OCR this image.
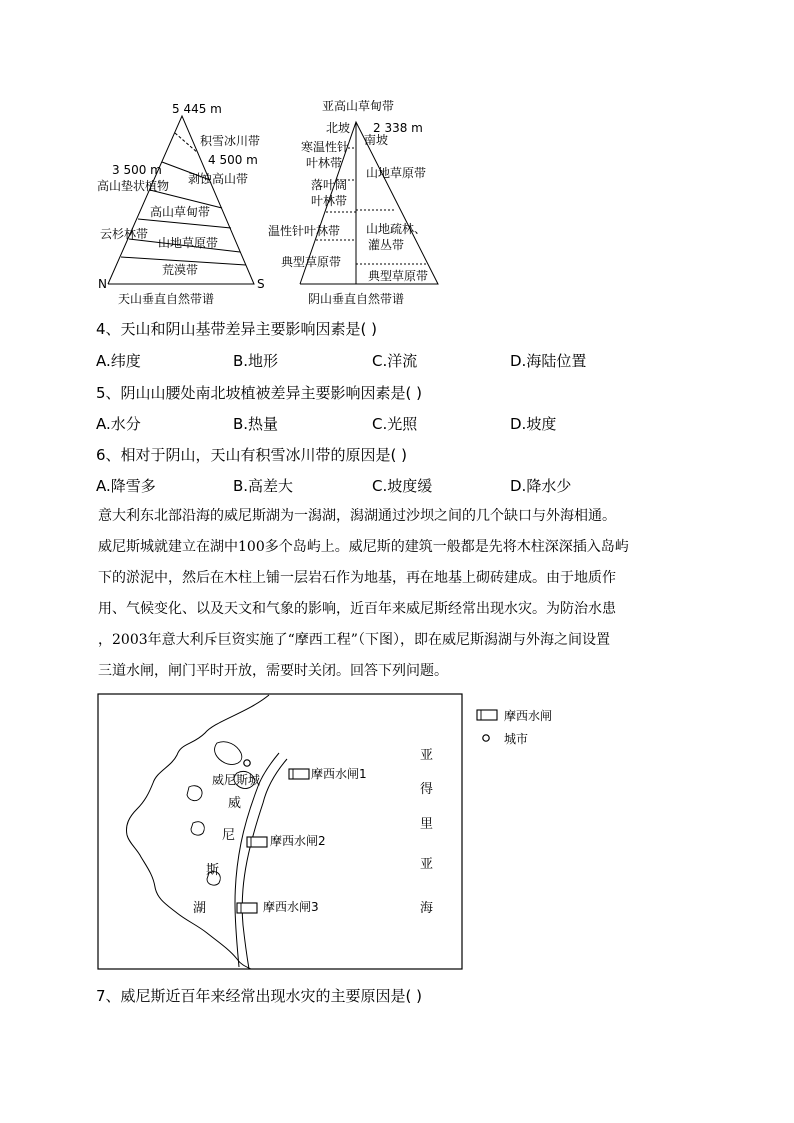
5 445 m
积雪冰川带
4 500 m
剥蚀高山带
3 500 m
高山垫状植物
高山草甸带
云杉林带
山地草原带
荒漠带
N	S
天山垂直自然带谱
亚高山草甸带
北坡 2 338 m
南坡
寒温性针
叶林带
山地草原带
落叶阔
叶林带
山地疏林、
灌丛带
温性针叶林带
典型草原带
典型草原带
阴山垂直自然带谱
4、天山和阴山基带差异主要影响因素是( )
A.纬度	B.地形	C.洋流	D.海陆位置
5、阴山山腰处南北坡植被差异主要影响因素是( )
A.水分	B.热量	C.光照	D.坡度
6、相对于阴山，天山有积雪冰川带的原因是( )
A.降雪多	B.高差大	C.坡度缓	D.降水少

意大利东北部沿海的威尼斯湖为一潟湖，潟湖通过沙坝之间的几个缺口与外海相通。

威尼斯城就建立在湖中100多个岛屿上。威尼斯的建筑一般都是先将木柱深深插入岛屿

下的淤泥中，然后在木柱上铺一层岩石作为地基，再在地基上砌砖建成。由于地质作

用、气候变化、以及天文和气象的影响，近百年来威尼斯经常出现水灾。为防治水患

，2003年意大利斥巨资实施了“摩西工程”（下图），即在威尼斯潟湖与外海之间设置

三道水闸，闸门平时开放，需要时关闭。回答下列问题。

威尼斯城	摩西水闸1
摩西水闸2
摩西水闸3
威
尼
斯
湖
亚
得
里
亚
海
摩西水闸
城市
7、威尼斯近百年来经常出现水灾的主要原因是( )
